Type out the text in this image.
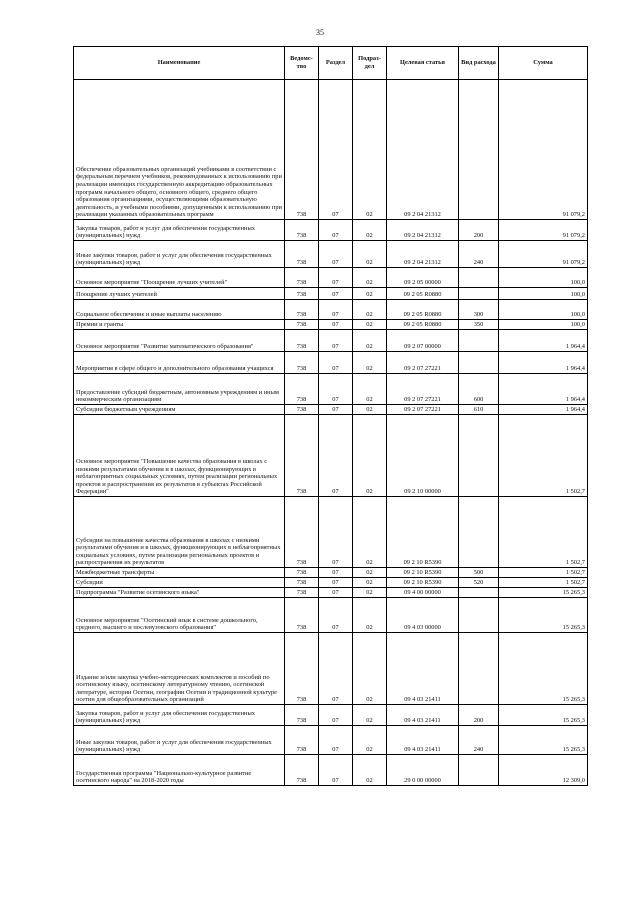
35
Наименование	Ведомс-тво	Раздел	Подраз-дел	Целевая статья	Вид расхода	Сумма
Обеспечение образовательных организаций учебниками в соответствии с федеральным перечнем учебников, рекомендованных к использованию при реализации имеющих государственную аккредитацию образовательных программ начального общего, основного общего, среднего общего образования организациями, осуществляющими образовательную деятельность, и учебными пособиями, допущенными к использованию при реализации указанных образовательных программ	738	07	02	09 2 04 21312		91 079,2
Закупка товаров, работ и услуг для обеспечения государственных (муниципальных) нужд	738	07	02	09 2 04 21312	200	91 079,2
Иные закупки товаров, работ и услуг для обеспечения государственных (муниципальных) нужд	738	07	02	09 2 04 21312	240	91 079,2
Основное мероприятие "Поощрение лучших учителей"	738	07	02	09 2 05 00000		100,0
Поощрение лучших учителей	738	07	02	09 2 05 R0880		100,0
Социальное обеспечение и иные выплаты населению	738	07	02	09 2 05 R0880	300	100,0
Премии и гранты	738	07	02	09 2 05 R0880	350	100,0
Основное мероприятие "Развитие математического образования"	738	07	02	09 2 07 00000		1 964,4
Мероприятия в сфере общего и дополнительного образования учащихся	738	07	02	09 2 07 27221		1 964,4
Предоставление субсидий бюджетным, автономным учреждениям и иным некоммерческим организациям	738	07	02	09 2 07 27221	600	1 964,4
Субсидии бюджетным учреждениям	738	07	02	09 2 07 27221	610	1 964,4
Основное мероприятие "Повышение качества образования в школах с низкими результатами обучения и в школах, функционирующих в неблагоприятных социальных условиях, путем реализации региональных проектов и распространения их результатов в субъектах Российской Федерации"	738	07	02	09 2 10 00000		1 502,7
Субсидии на повышение качества образования в школах с низкими результатами обучения и в школах, функционирующих в неблагоприятных социальных условиях, путем реализации региональных проектов и распространения их результатов	738	07	02	09 2 10 R5390		1 502,7
Межбюджетные трансферты	738	07	02	09 2 10 R5390	500	1 502,7
Субсидии	738	07	02	09 2 10 R5390	520	1 502,7
Подпрограмма "Развитие осетинского языка"	738	07	02	09 4 00 00000		15 265,3
Основное мероприятие "Осетинский язык в системе дошкольного, среднего, высшего и послевузовского образования"	738	07	02	09 4 03 00000		15 265,3
Издание и/или закупка учебно-методических комплектов и пособий по осетинскому языку, осетинскому литературному чтению, осетинской литературе, истории Осетии, географии Осетии и традиционной культуре осетин для общеобразовательных организаций	738	07	02	09 4 03 21411		15 265,3
Закупка товаров, работ и услуг для обеспечения государственных (муниципальных) нужд	738	07	02	09 4 03 21411	200	15 265,3
Иные закупки товаров, работ и услуг для обеспечения государственных (муниципальных) нужд	738	07	02	09 4 03 21411	240	15 265,3
Государственная программа "Национально-культурное развитие осетинского народа" на 2018-2020 годы	738	07	02	29 0 00 00000		12 309,0
